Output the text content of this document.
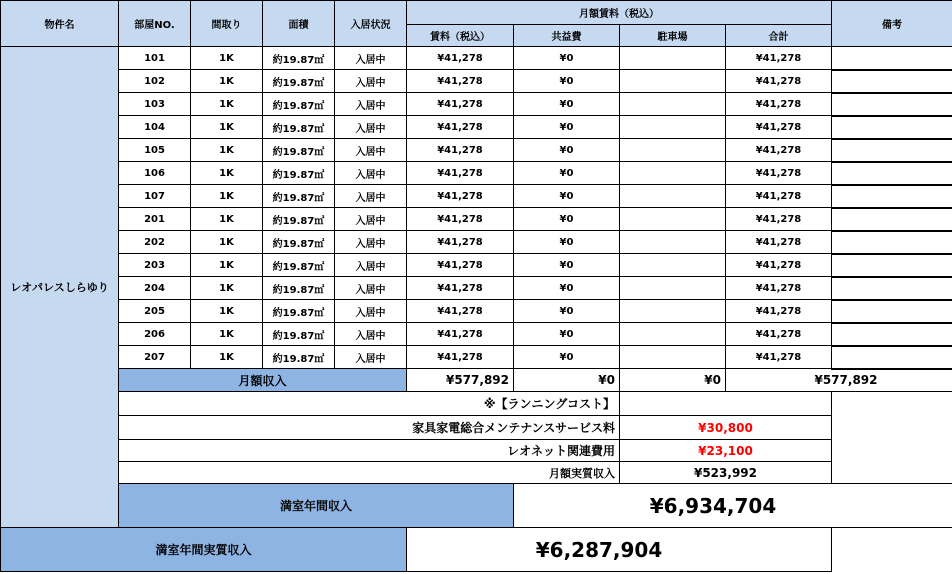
物件名	部屋NO.	間取り	面積	入居状況	月額賃料（税込）				備考
					賃料（税込）	共益費	駐車場	合計	
レオパレスしらゆり	101	1K	約19.87㎡	入居中	¥41,278	¥0		¥41,278	
	102	1K	約19.87㎡	入居中	¥41,278	¥0		¥41,278	
	103	1K	約19.87㎡	入居中	¥41,278	¥0		¥41,278	
	104	1K	約19.87㎡	入居中	¥41,278	¥0		¥41,278	
	105	1K	約19.87㎡	入居中	¥41,278	¥0		¥41,278	
	106	1K	約19.87㎡	入居中	¥41,278	¥0		¥41,278	
	107	1K	約19.87㎡	入居中	¥41,278	¥0		¥41,278	
	201	1K	約19.87㎡	入居中	¥41,278	¥0		¥41,278	
	202	1K	約19.87㎡	入居中	¥41,278	¥0		¥41,278	
	203	1K	約19.87㎡	入居中	¥41,278	¥0		¥41,278	
	204	1K	約19.87㎡	入居中	¥41,278	¥0		¥41,278	
	205	1K	約19.87㎡	入居中	¥41,278	¥0		¥41,278	
	206	1K	約19.87㎡	入居中	¥41,278	¥0		¥41,278	
	207	1K	約19.87㎡	入居中	¥41,278	¥0		¥41,278	
	月額収入				¥577,892	¥0	¥0	¥577,892	
	※【ランニングコスト】								
	家具家電総合メンテナンスサービス料						¥30,800		
	レオネット関連費用						¥23,100		
	月額実質収入						¥523,992		
	満室年間収入					¥6,934,704			
満室年間実質収入					¥6,287,904				
